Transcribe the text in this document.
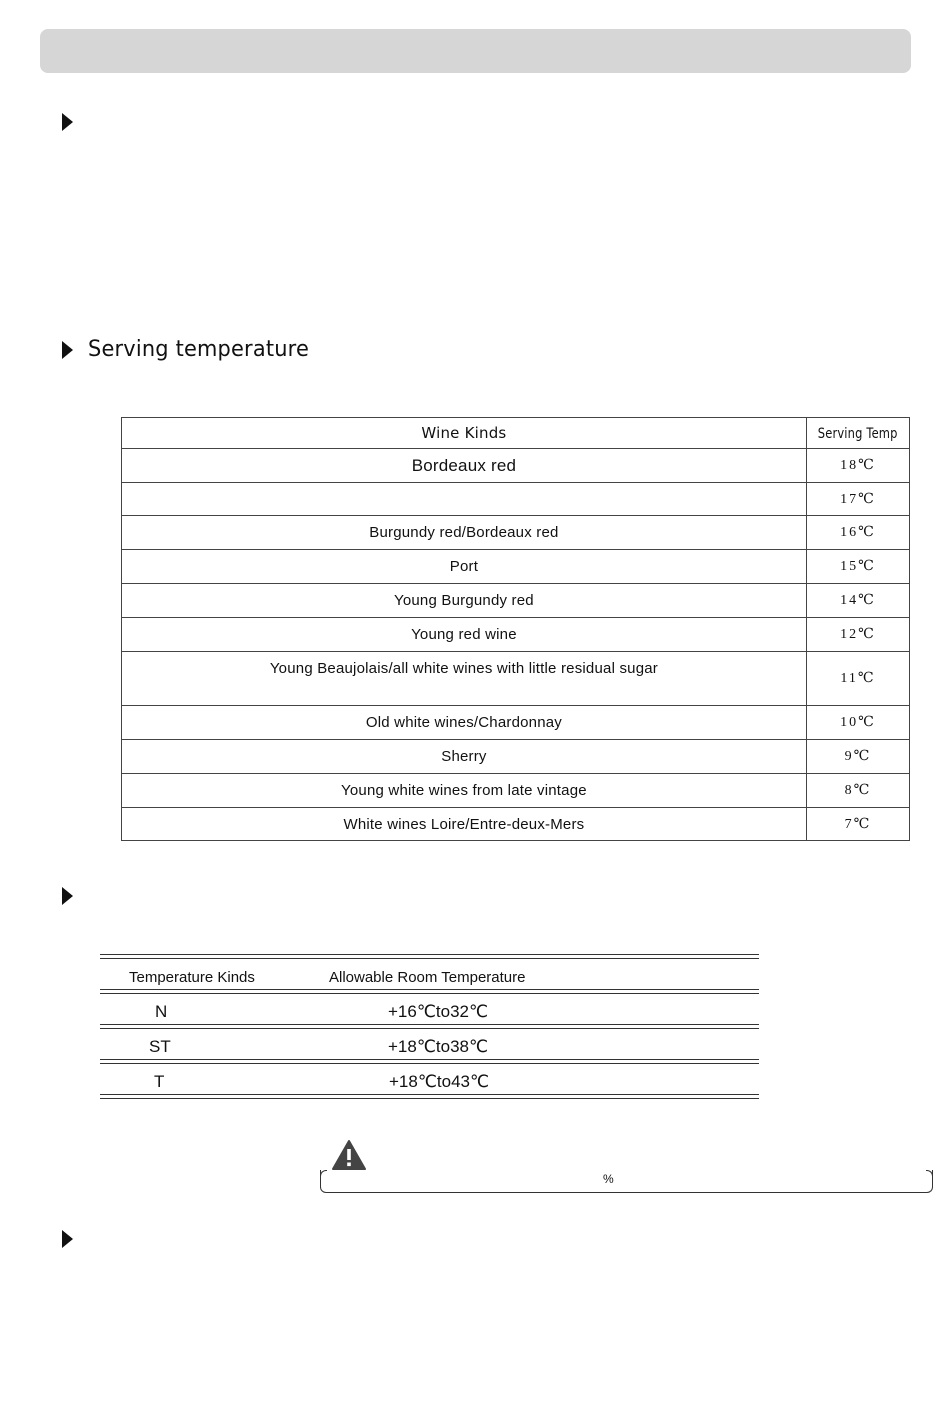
Serving temperature
Wine Kinds	Serving Temp
Bordeaux red	18℃
	17℃
Burgundy red/Bordeaux red	16℃
Port	15℃
Young Burgundy red	14℃
Young red wine	12℃
Young Beaujolais/all white wines with little residual sugar	11℃
Old white wines/Chardonnay	10℃
Sherry	9℃
Young white wines from late vintage	8℃
White wines Loire/Entre-deux-Mers	7℃
Temperature Kinds	Allowable Room Temperature
N	+16℃to32℃
ST	+18℃to38℃
T	+18℃to43℃
%
